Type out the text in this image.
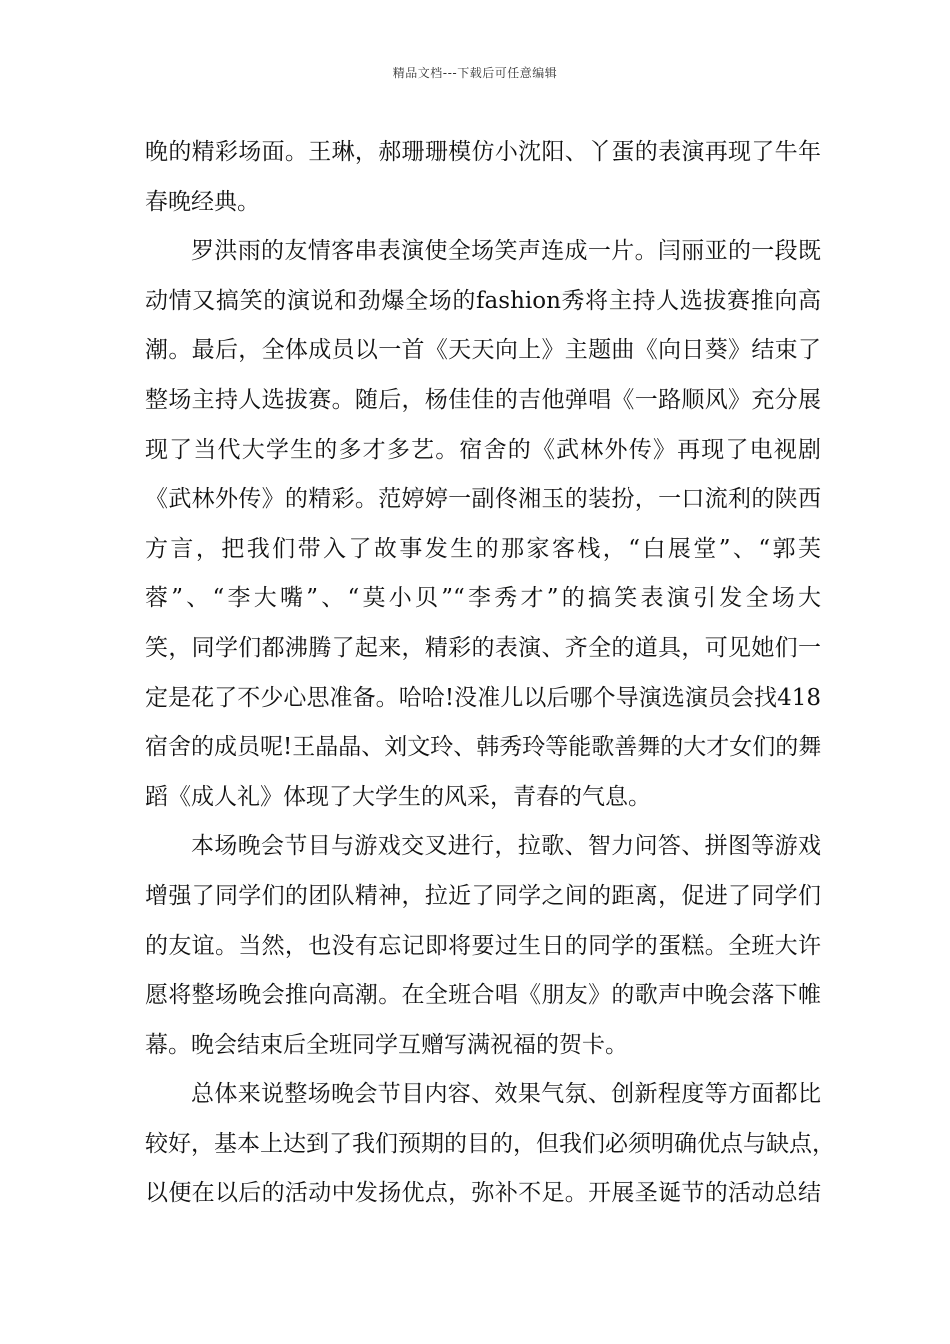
精品文档---下载后可任意编辑
晚的精彩场面。王琳，郝珊珊模仿小沈阳、丫蛋的表演再现了牛年
春晚经典。
罗洪雨的友情客串表演使全场笑声连成一片。闫丽亚的一段既
动情又搞笑的演说和劲爆全场的fashion秀将主持人选拔赛推向高
潮。最后，全体成员以一首《天天向上》主题曲《向日葵》结束了
整场主持人选拔赛。随后，杨佳佳的吉他弹唱《一路顺风》充分展
现了当代大学生的多才多艺。宿舍的《武林外传》再现了电视剧
《武林外传》的精彩。范婷婷一副佟湘玉的装扮，一口流利的陕西
方言，把我们带入了故事发生的那家客栈，“白展堂”、“郭芙
蓉”、“李大嘴”、“莫小贝”“李秀才”的搞笑表演引发全场大
笑，同学们都沸腾了起来，精彩的表演、齐全的道具，可见她们一
定是花了不少心思准备。哈哈!没准儿以后哪个导演选演员会找418
宿舍的成员呢!王晶晶、刘文玲、韩秀玲等能歌善舞的大才女们的舞
蹈《成人礼》体现了大学生的风采，青春的气息。
本场晚会节目与游戏交叉进行，拉歌、智力问答、拼图等游戏
增强了同学们的团队精神，拉近了同学之间的距离，促进了同学们
的友谊。当然，也没有忘记即将要过生日的同学的蛋糕。全班大许
愿将整场晚会推向高潮。在全班合唱《朋友》的歌声中晚会落下帷
幕。晚会结束后全班同学互赠写满祝福的贺卡。
总体来说整场晚会节目内容、效果气氛、创新程度等方面都比
较好，基本上达到了我们预期的目的，但我们必须明确优点与缺点，
以便在以后的活动中发扬优点，弥补不足。开展圣诞节的活动总结
